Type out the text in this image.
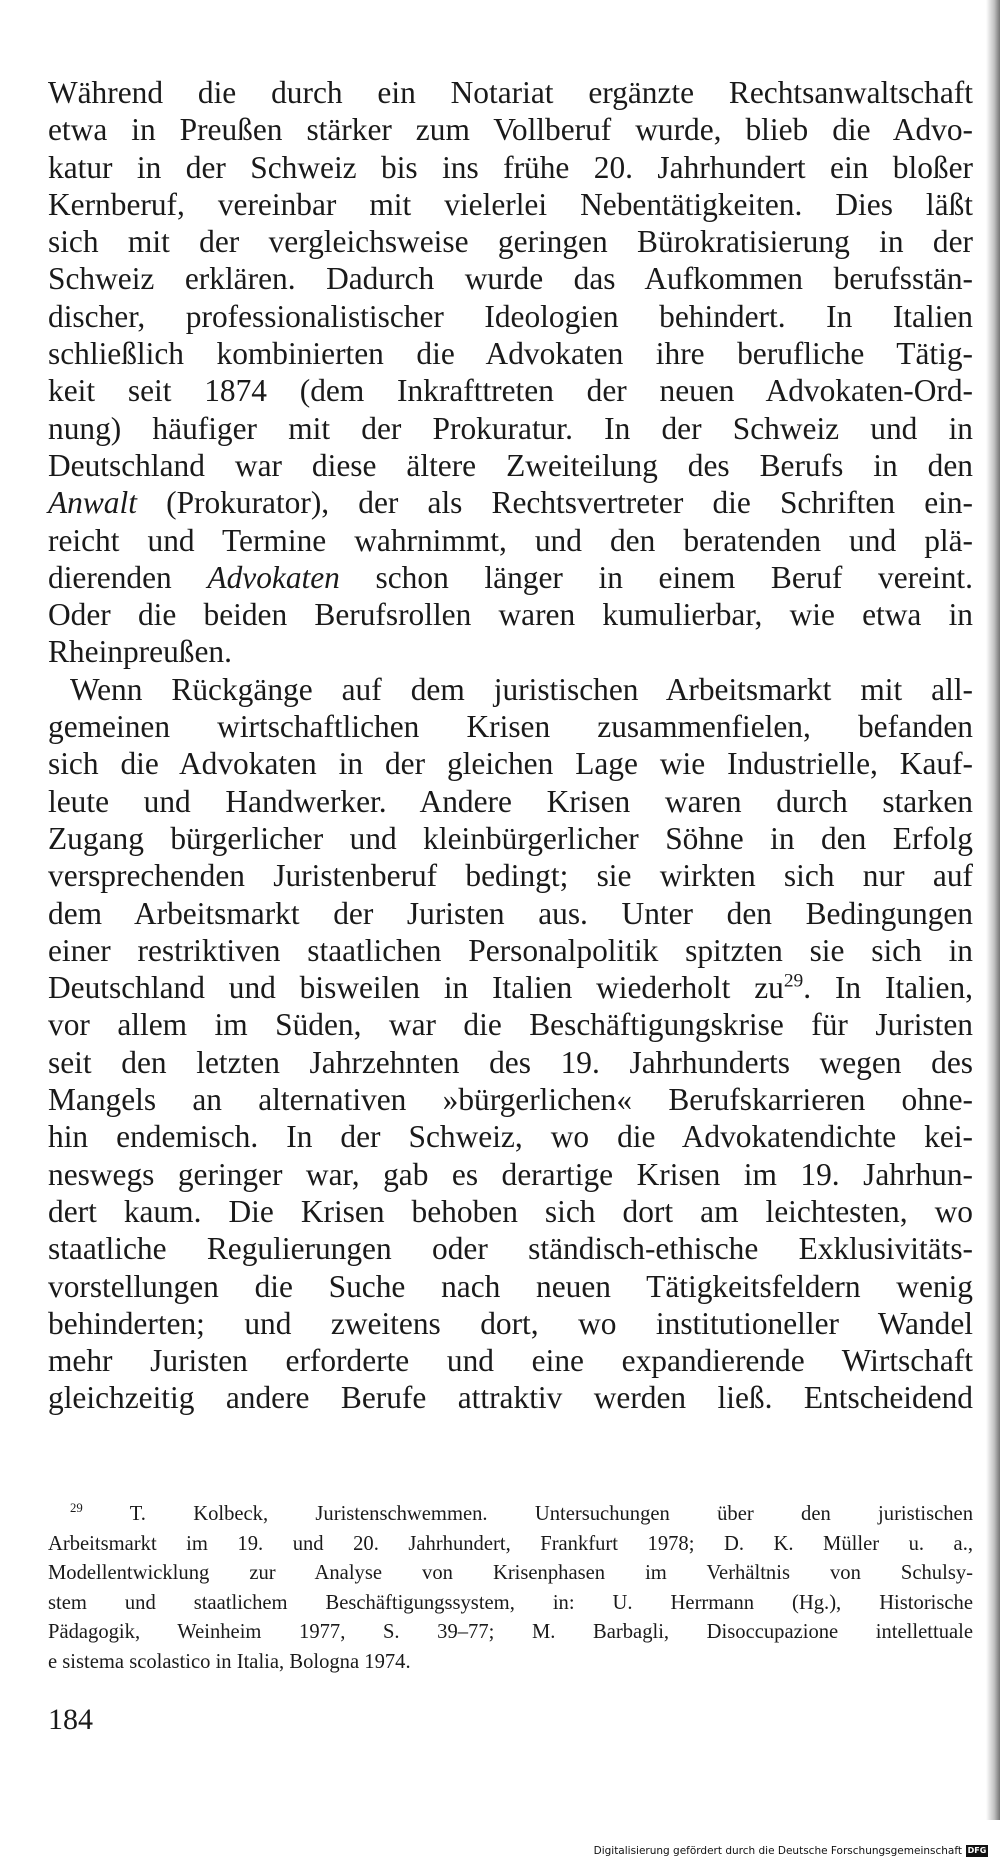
Während die durch ein Notariat ergänzte Rechtsanwaltschaft
etwa in Preußen stärker zum Vollberuf wurde, blieb die Advo-
katur in der Schweiz bis ins frühe 20. Jahrhundert ein bloßer
Kernberuf, vereinbar mit vielerlei Nebentätigkeiten. Dies läßt
sich mit der vergleichsweise geringen Bürokratisierung in der
Schweiz erklären. Dadurch wurde das Aufkommen berufsstän-
discher, professionalistischer Ideologien behindert. In Italien
schließlich kombinierten die Advokaten ihre berufliche Tätig-
keit seit 1874 (dem Inkrafttreten der neuen Advokaten-Ord-
nung) häufiger mit der Prokuratur. In der Schweiz und in
Deutschland war diese ältere Zweiteilung des Berufs in den
Anwalt (Prokurator), der als Rechtsvertreter die Schriften ein-
reicht und Termine wahrnimmt, und den beratenden und plä-
dierenden Advokaten schon länger in einem Beruf vereint.
Oder die beiden Berufsrollen waren kumulierbar, wie etwa in
Rheinpreußen.
Wenn Rückgänge auf dem juristischen Arbeitsmarkt mit all-
gemeinen wirtschaftlichen Krisen zusammenfielen, befanden
sich die Advokaten in der gleichen Lage wie Industrielle, Kauf-
leute und Handwerker. Andere Krisen waren durch starken
Zugang bürgerlicher und kleinbürgerlicher Söhne in den Erfolg
versprechenden Juristenberuf bedingt; sie wirkten sich nur auf
dem Arbeitsmarkt der Juristen aus. Unter den Bedingungen
einer restriktiven staatlichen Personalpolitik spitzten sie sich in
Deutschland und bisweilen in Italien wiederholt $zu^{29}$. In Italien,
vor allem im Süden, war die Beschäftigungskrise für Juristen
seit den letzten Jahrzehnten des 19. Jahrhunderts wegen des
Mangels an alternativen »bürgerlichen« Berufskarrieren ohne-
hin endemisch. In der Schweiz, wo die Advokatendichte kei-
neswegs geringer war, gab es derartige Krisen im 19. Jahrhun-
dert kaum. Die Krisen behoben sich dort am leichtesten, wo
staatliche Regulierungen oder ständisch-ethische Exklusivitäts-
vorstellungen die Suche nach neuen Tätigkeitsfeldern wenig
behinderten; und zweitens dort, wo institutioneller Wandel
mehr Juristen erforderte und eine expandierende Wirtschaft
gleichzeitig andere Berufe attraktiv werden ließ. Entscheidend
$^{29}$ T. Kolbeck, Juristenschwemmen. Untersuchungen über den juristischen
Arbeitsmarkt im 19. und 20. Jahrhundert, Frankfurt 1978; D. K. Müller u. a.,
Modellentwicklung zur Analyse von Krisenphasen im Verhältnis von Schulsy-
stem und staatlichem Beschäftigungssystem, in: U. Herrmann (Hg.), Historische
Pädagogik, Weinheim 1977, S. 39–77; M. Barbagli, Disoccupazione intellettuale
e sistema scolastico in Italia, Bologna 1974.
184
Digitalisierung gefördert durch die Deutsche Forschungsgemeinschaft DFG
